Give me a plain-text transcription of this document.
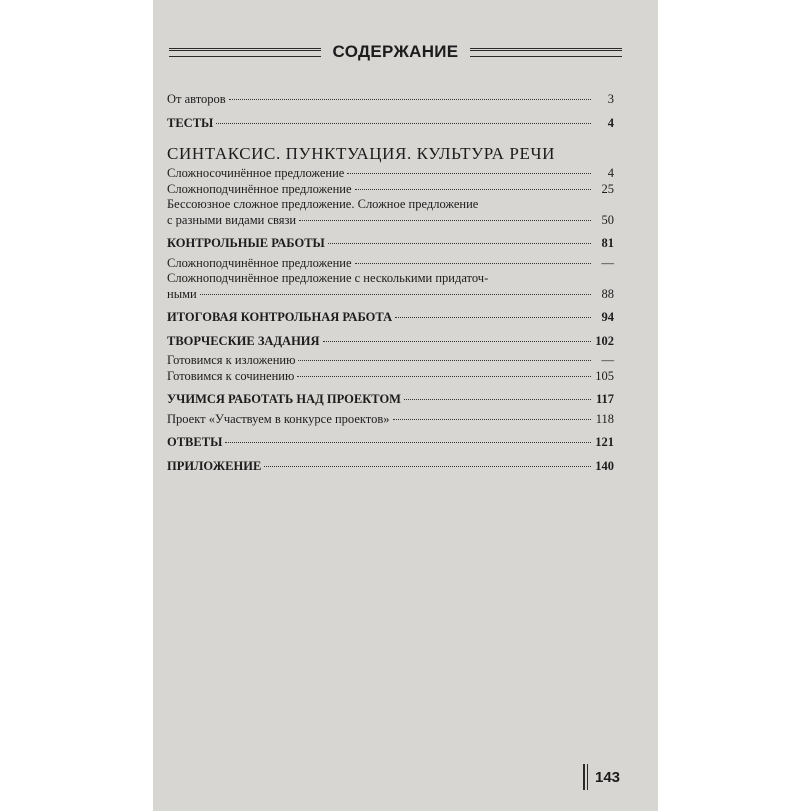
СОДЕРЖАНИЕ
От авторов	3
ТЕСТЫ	4
СИНТАКСИС. ПУНКТУАЦИЯ. КУЛЬТУРА РЕЧИ
Сложносочинённое предложение	4
Сложноподчинённое предложение	25
Бессоюзное сложное предложение. Сложное предложение
с разными видами связи	50
КОНТРОЛЬНЫЕ РАБОТЫ	81
Сложноподчинённое предложение	—
Сложноподчинённое предложение с несколькими придаточ-
ными	88
ИТОГОВАЯ КОНТРОЛЬНАЯ РАБОТА	94
ТВОРЧЕСКИЕ ЗАДАНИЯ	102
Готовимся к изложению	—
Готовимся к сочинению	105
УЧИМСЯ РАБОТАТЬ НАД ПРОЕКТОМ	117
Проект «Участвуем в конкурсе проектов»	118
ОТВЕТЫ	121
ПРИЛОЖЕНИЕ	140
143
